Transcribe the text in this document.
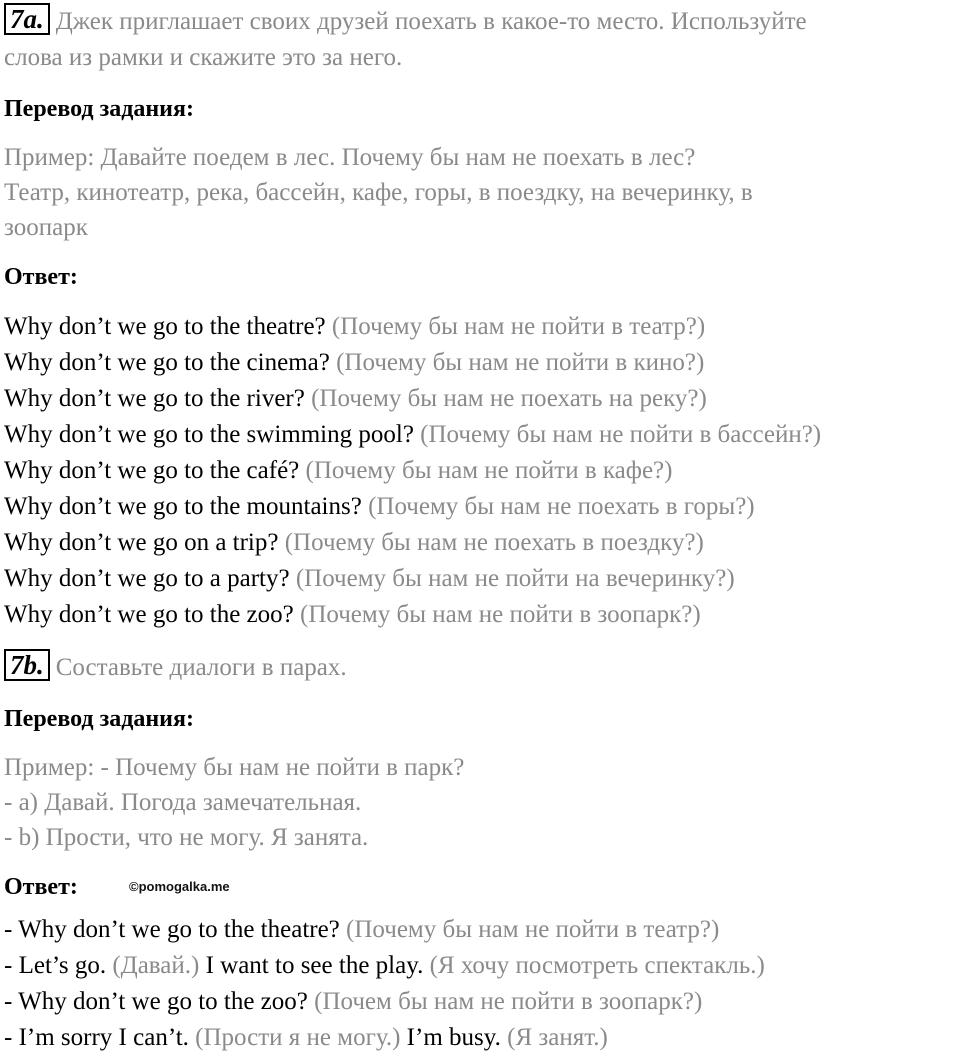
7a. Джек приглашает своих друзей поехать в какое-то место. Используйте
слова из рамки и скажите это за него.
Перевод задания:
Пример: Давайте поедем в лес. Почему бы нам не поехать в лес?
Театр, кинотеатр, река, бассейн, кафе, горы, в поездку, на вечеринку, в
зоопарк
Ответ:
Why don’t we go to the theatre? (Почему бы нам не пойти в театр?)
Why don’t we go to the cinema? (Почему бы нам не пойти в кино?)
Why don’t we go to the river? (Почему бы нам не поехать на реку?)
Why don’t we go to the swimming pool? (Почему бы нам не пойти в бассейн?)
Why don’t we go to the café? (Почему бы нам не пойти в кафе?)
Why don’t we go to the mountains? (Почему бы нам не поехать в горы?)
Why don’t we go on a trip? (Почему бы нам не поехать в поездку?)
Why don’t we go to a party? (Почему бы нам не пойти на вечеринку?)
Why don’t we go to the zoo? (Почему бы нам не пойти в зоопарк?)
7b. Составьте диалоги в парах.
Перевод задания:
Пример: - Почему бы нам не пойти в парк?
- a) Давай. Погода замечательная.
- b) Прости, что не могу. Я занята.
Ответ:	©pomogalka.me
- Why don’t we go to the theatre? (Почему бы нам не пойти в театр?)
- Let’s go. (Давай.) I want to see the play. (Я хочу посмотреть спектакль.)
- Why don’t we go to the zoo? (Почем бы нам не пойти в зоопарк?)
- I’m sorry I can’t. (Прости я не могу.) I’m busy. (Я занят.)
